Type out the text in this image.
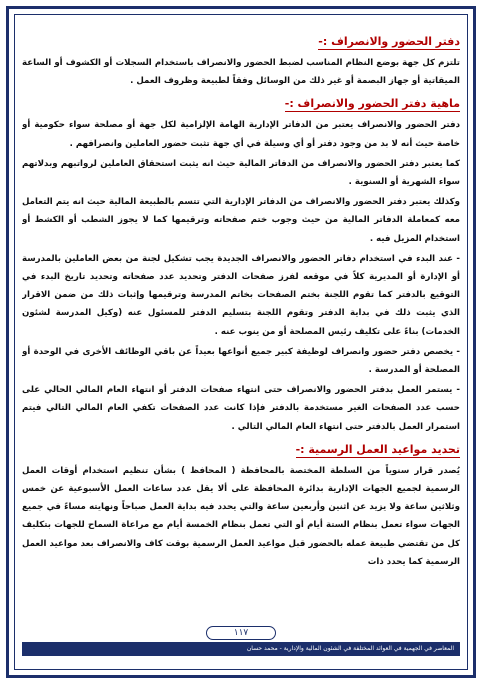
دفتر الحضور والانصراف :-

تلتزم كل جهة بوضع النظام المناسب لضبط الحضور والانصراف باستخدام السجلات أو الكشوف أو الساعة الميقاتية أو جهاز البصمة أو غير ذلك من الوسائل وفقاً لطبيعة وظروف العمل .

ماهية دفتر الحضور والانصراف :-

دفتر الحضور والانصراف يعتبر من الدفاتر الإدارية الهامة الإلزامية لكل جهة أو مصلحة سواء حكومية أو خاصة حيث أنه لا بد من وجود دفتر أو أي وسيلة في أي جهة تثبت حضور العاملين وانصرافهم .

كما يعتبر دفتر الحضور والانصراف من الدفاتر المالية حيث انه يثبت استحقاق العاملين لرواتبهم وبدلاتهم سواء الشهرية أو السنوية .

وكذلك يعتبر دفتر الحضور والانصراف من الدفاتر الإدارية التي تتسم بالطبيعة المالية حيث انه يتم التعامل معه كمعاملة الدفاتر المالية من حيث وجوب ختم صفحاته وترقيمها كما لا يجوز الشطب أو الكشط أو استخدام المزيل فيه .

- عند البدء في استخدام دفاتر الحضور والانصراف الجديدة يجب تشكيل لجنة من بعض العاملين بالمدرسة أو الإدارة أو المديرية كلاً في موقعه لفرز صفحات الدفتر وتحديد عدد صفحاته وتحديد تاريخ البدء في التوقيع بالدفتر كما تقوم اللجنة بختم الصفحات بخاتم المدرسة وترقيمها وإثبات ذلك من ضمن الاقرار الذي يثبت ذلك في بداية الدفتر وتقوم اللجنة بتسليم الدفتر للمسئول عنه (وكيل المدرسة لشئون الخدمات) بناءً على تكليف رئيس المصلحة أو من ينوب عنه .

- يخصص دفتر حضور وانصراف لوظيفة كبير جميع أنواعها بعيداً عن باقي الوظائف الأخرى في الوحدة أو المصلحة أو المدرسة .

- يستمر العمل بدفتر الحضور والانصراف حتى انتهاء صفحات الدفتر أو انتهاء العام المالي الحالي على حسب عدد الصفحات الغير مستخدمة بالدفتر فإذا كانت عدد الصفحات تكفي العام المالي التالي فيتم استمرار العمل بالدفتر حتى انتهاء العام المالي التالي .

تحديد مواعيد العمل الرسمية :-

يُصدر قرار سنوياً من السلطة المختصة بالمحافظة ( المحافظ ) بشأن تنظيم استخدام أوقات العمل الرسمية لجميع الجهات الإدارية بدائرة المحافظة على ألا يقل عدد ساعات العمل الأسبوعية عن خمس وثلاثين ساعة ولا يزيد عن اثنين وأربعين ساعة والتي يحدد فيه بداية العمل صباحاً ونهايته مساءً في جميع الجهات سواء تعمل بنظام الستة أيام أو التي تعمل بنظام الخمسة أيام مع مراعاة السماح للجهات بتكليف كل من تقتضي طبيعة عمله بالحضور قبل مواعيد العمل الرسمية بوقت كاف والانصراف بعد مواعيد العمل الرسمية كما يحدد ذات

١١٧
المعاصر في الجهمية في العوائد المختلفة في الشئون المالية والإدارية - محمد حسان
